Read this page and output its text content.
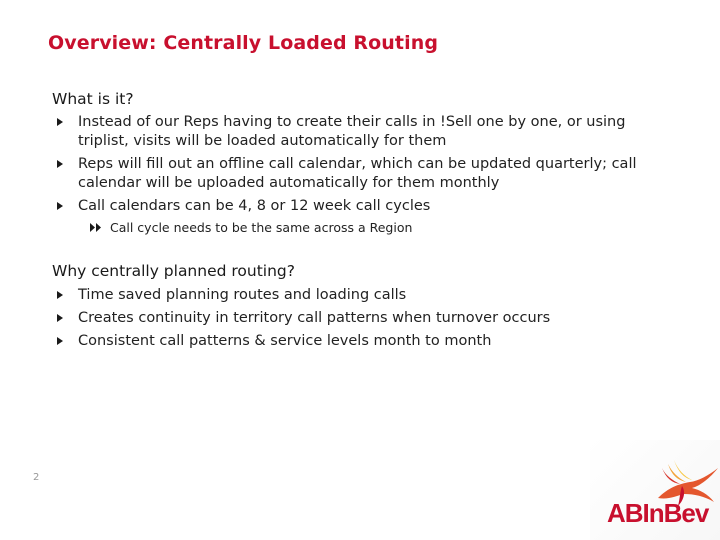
Overview: Centrally Loaded Routing
What is it?
Instead of our Reps having to create their calls in !Sell one by one, or using triplist, visits will be loaded automatically for them
Reps will fill out an offline call calendar, which can be updated quarterly; call calendar will be uploaded automatically for them monthly
Call calendars can be 4, 8 or 12 week call cycles
Call cycle needs to be the same across a Region
Why centrally planned routing?
Time saved planning routes and loading calls
Creates continuity in territory call patterns when turnover occurs
Consistent call patterns & service levels month to month
2
ABInBev
